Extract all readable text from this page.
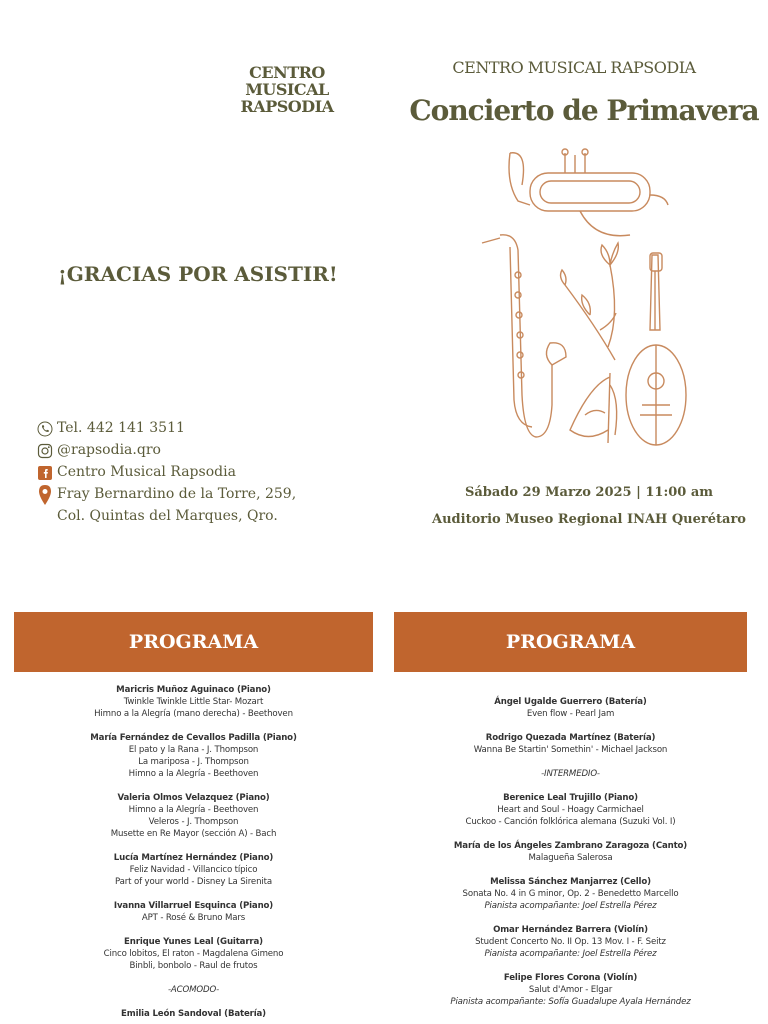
CENTRO
MUSICAL
RAPSODIA
¡GRACIAS POR ASISTIR!
Tel. 442 141 3511
@rapsodia.qro
Centro Musical Rapsodia
Fray Bernardino de la Torre, 259,
Col. Quintas del Marques, Qro.
CENTRO MUSICAL RAPSODIA
Concierto de Primavera
Sábado 29 Marzo 2025 | 11:00 am
Auditorio Museo Regional INAH Querétaro
PROGRAMA
Maricris Muñoz Aguinaco (Piano)
Twinkle Twinkle Little Star- Mozart
Himno a la Alegría (mano derecha) - Beethoven
María Fernández de Cevallos Padilla (Piano)
El pato y la Rana - J. Thompson
La mariposa - J. Thompson
Himno a la Alegría - Beethoven
Valeria Olmos Velazquez (Piano)
Himno a la Alegría - Beethoven
Veleros - J. Thompson
Musette en Re Mayor (sección A) - Bach
Lucía Martínez Hernández (Piano)
Feliz Navidad - Villancico típico
Part of your world - Disney La Sirenita
Ivanna Villarruel Esquinca (Piano)
APT - Rosé & Bruno Mars
Enrique Yunes Leal (Guitarra)
Cinco lobitos, El raton - Magdalena Gimeno
Binbli, bonbolo - Raul de frutos
-ACOMODO-
Emilia León Sandoval (Batería)
PROGRAMA
Ángel Ugalde Guerrero (Batería)
Even flow - Pearl Jam
Rodrigo Quezada Martínez (Batería)
Wanna Be Startin' Somethin' - Michael Jackson
-INTERMEDIO-
Berenice Leal Trujillo (Piano)
Heart and Soul - Hoagy Carmichael
Cuckoo - Canción folklórica alemana (Suzuki Vol. I)
María de los Ángeles Zambrano Zaragoza (Canto)
Malagueña Salerosa
Melissa Sánchez Manjarrez (Cello)
Sonata No. 4 in G minor, Op. 2 - Benedetto Marcello
Pianista acompañante: Joel Estrella Pérez
Omar Hernández Barrera (Violín)
Student Concerto No. II Op. 13 Mov. I - F. Seitz
Pianista acompañante: Joel Estrella Pérez
Felipe Flores Corona (Violín)
Salut d'Amor - Elgar
Pianista acompañante: Sofía Guadalupe Ayala Hernández
